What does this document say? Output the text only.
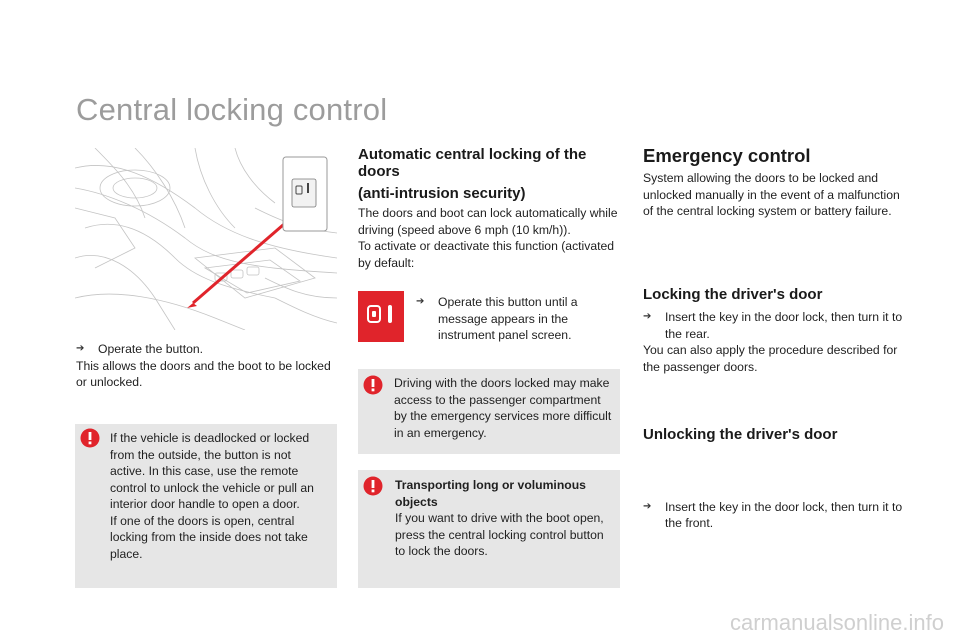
Central locking control
➔ Operate the button.
This allows the doors and the boot to be locked or unlocked.
If the vehicle is deadlocked or locked from the outside, the button is not active. In this case, use the remote control to unlock the vehicle or pull an interior door handle to open a door.
If one of the doors is open, central locking from the inside does not take place.
Automatic central locking of the doors
(anti-intrusion security)
The doors and boot can lock automatically while driving (speed above 6 mph (10 km/h)).
To activate or deactivate this function (activated by default:
➔ Operate this button until a message appears in the instrument panel screen.
Driving with the doors locked may make access to the passenger compartment by the emergency services more difficult in an emergency.
Transporting long or voluminous objects
If you want to drive with the boot open, press the central locking control button to lock the doors.
Emergency control
System allowing the doors to be locked and unlocked manually in the event of a malfunction of the central locking system or battery failure.
Locking the driver's door
➔ Insert the key in the door lock, then turn it to the rear.
You can also apply the procedure described for the passenger doors.
Unlocking the driver's door
➔ Insert the key in the door lock, then turn it to the front.
carmanualsonline.info
